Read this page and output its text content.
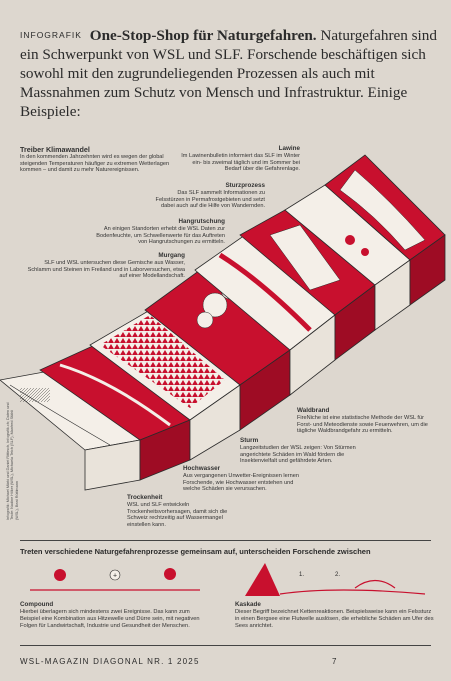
INFOGRAFIK One-Stop-Shop für Naturgefahren. Naturgefahren sind ein Schwerpunkt von WSL und SLF. Forschende beschäftigen sich sowohl mit den zugrundeliegenden Prozessen als auch mit Massnahmen zum Schutz von Mensch und Infrastruktur. Einige Beispiele:
Treiber Klimawandel
In den kommenden Jahrzehnten wird es wegen der global steigenden Temperaturen häufiger zu extremen Wetterlagen kommen – und damit zu mehr Naturereignissen.
Lawine
Im Lawinenbulletin informiert das SLF im Winter ein- bis zweimal täglich und im Sommer bei Bedarf über die Gefahrenlage.
Sturzprozess
Das SLF sammelt Informationen zu Felsstürzen in Permafrostgebieten und setzt dabei auch auf die Hilfe von Wandernden.
Hangrutschung
An einigen Standorten erhebt die WSL Daten zur Bodenfeuchte, um Schwellenwerte für das Auftreten von Hangrutschungen zu ermitteln.
Murgang
SLF und WSL untersuchen diese Gemische aus Wasser, Schlamm und Steinen im Freiland und in Laborversuchen, etwa auf einer Modellandschaft.
Waldbrand
FireNiche ist eine statistische Methode der WSL für Forst- und Meteodienste sowie Feuerwehren, um die tägliche Waldbrandgefahr zu ermitteln.
Sturm
Langzeitstudien der WSL zeigen: Von Stürmen angerichtete Schäden im Wald fördern die Insektenvielfalt und gefährdete Arten.
Hochwasser
Aus vergangenen Unwetter-Ereignissen lernen Forschende, wie Hochwasser entstehen und welche Schäden sie verursachen.
Trockenheit
WSL und SLF entwickeln Trockenheitsvorhersagen, damit sich die Schweiz rechtzeitig auf Wassermangel einstellen kann.
Infografik: Michael Märki und Daniel Rittirsch, Infografik.ch; Daten und Texte: Nadine Hilker (WSL), Michaela Teich (SLF), Manfred Stähli (WSL), Beat Rüttimann
Treten verschiedene Naturgefahrenprozesse gemeinsam auf, unterscheiden Forschende zwischen
+	1.	2.
Compound
Hierbei überlagern sich mindestens zwei Ereignisse. Das kann zum Beispiel eine Kombination aus Hitzewelle und Dürre sein, mit negativen Folgen für Landwirtschaft, Industrie und Gesundheit der Menschen.
Kaskade
Dieser Begriff bezeichnet Kettenreaktionen. Beispielsweise kann ein Felssturz in einen Bergsee eine Flutwelle auslösen, die erhebliche Schäden am Ufer des Sees anrichtet.
WSL-MAGAZIN DIAGONAL NR. 1 2025	7
